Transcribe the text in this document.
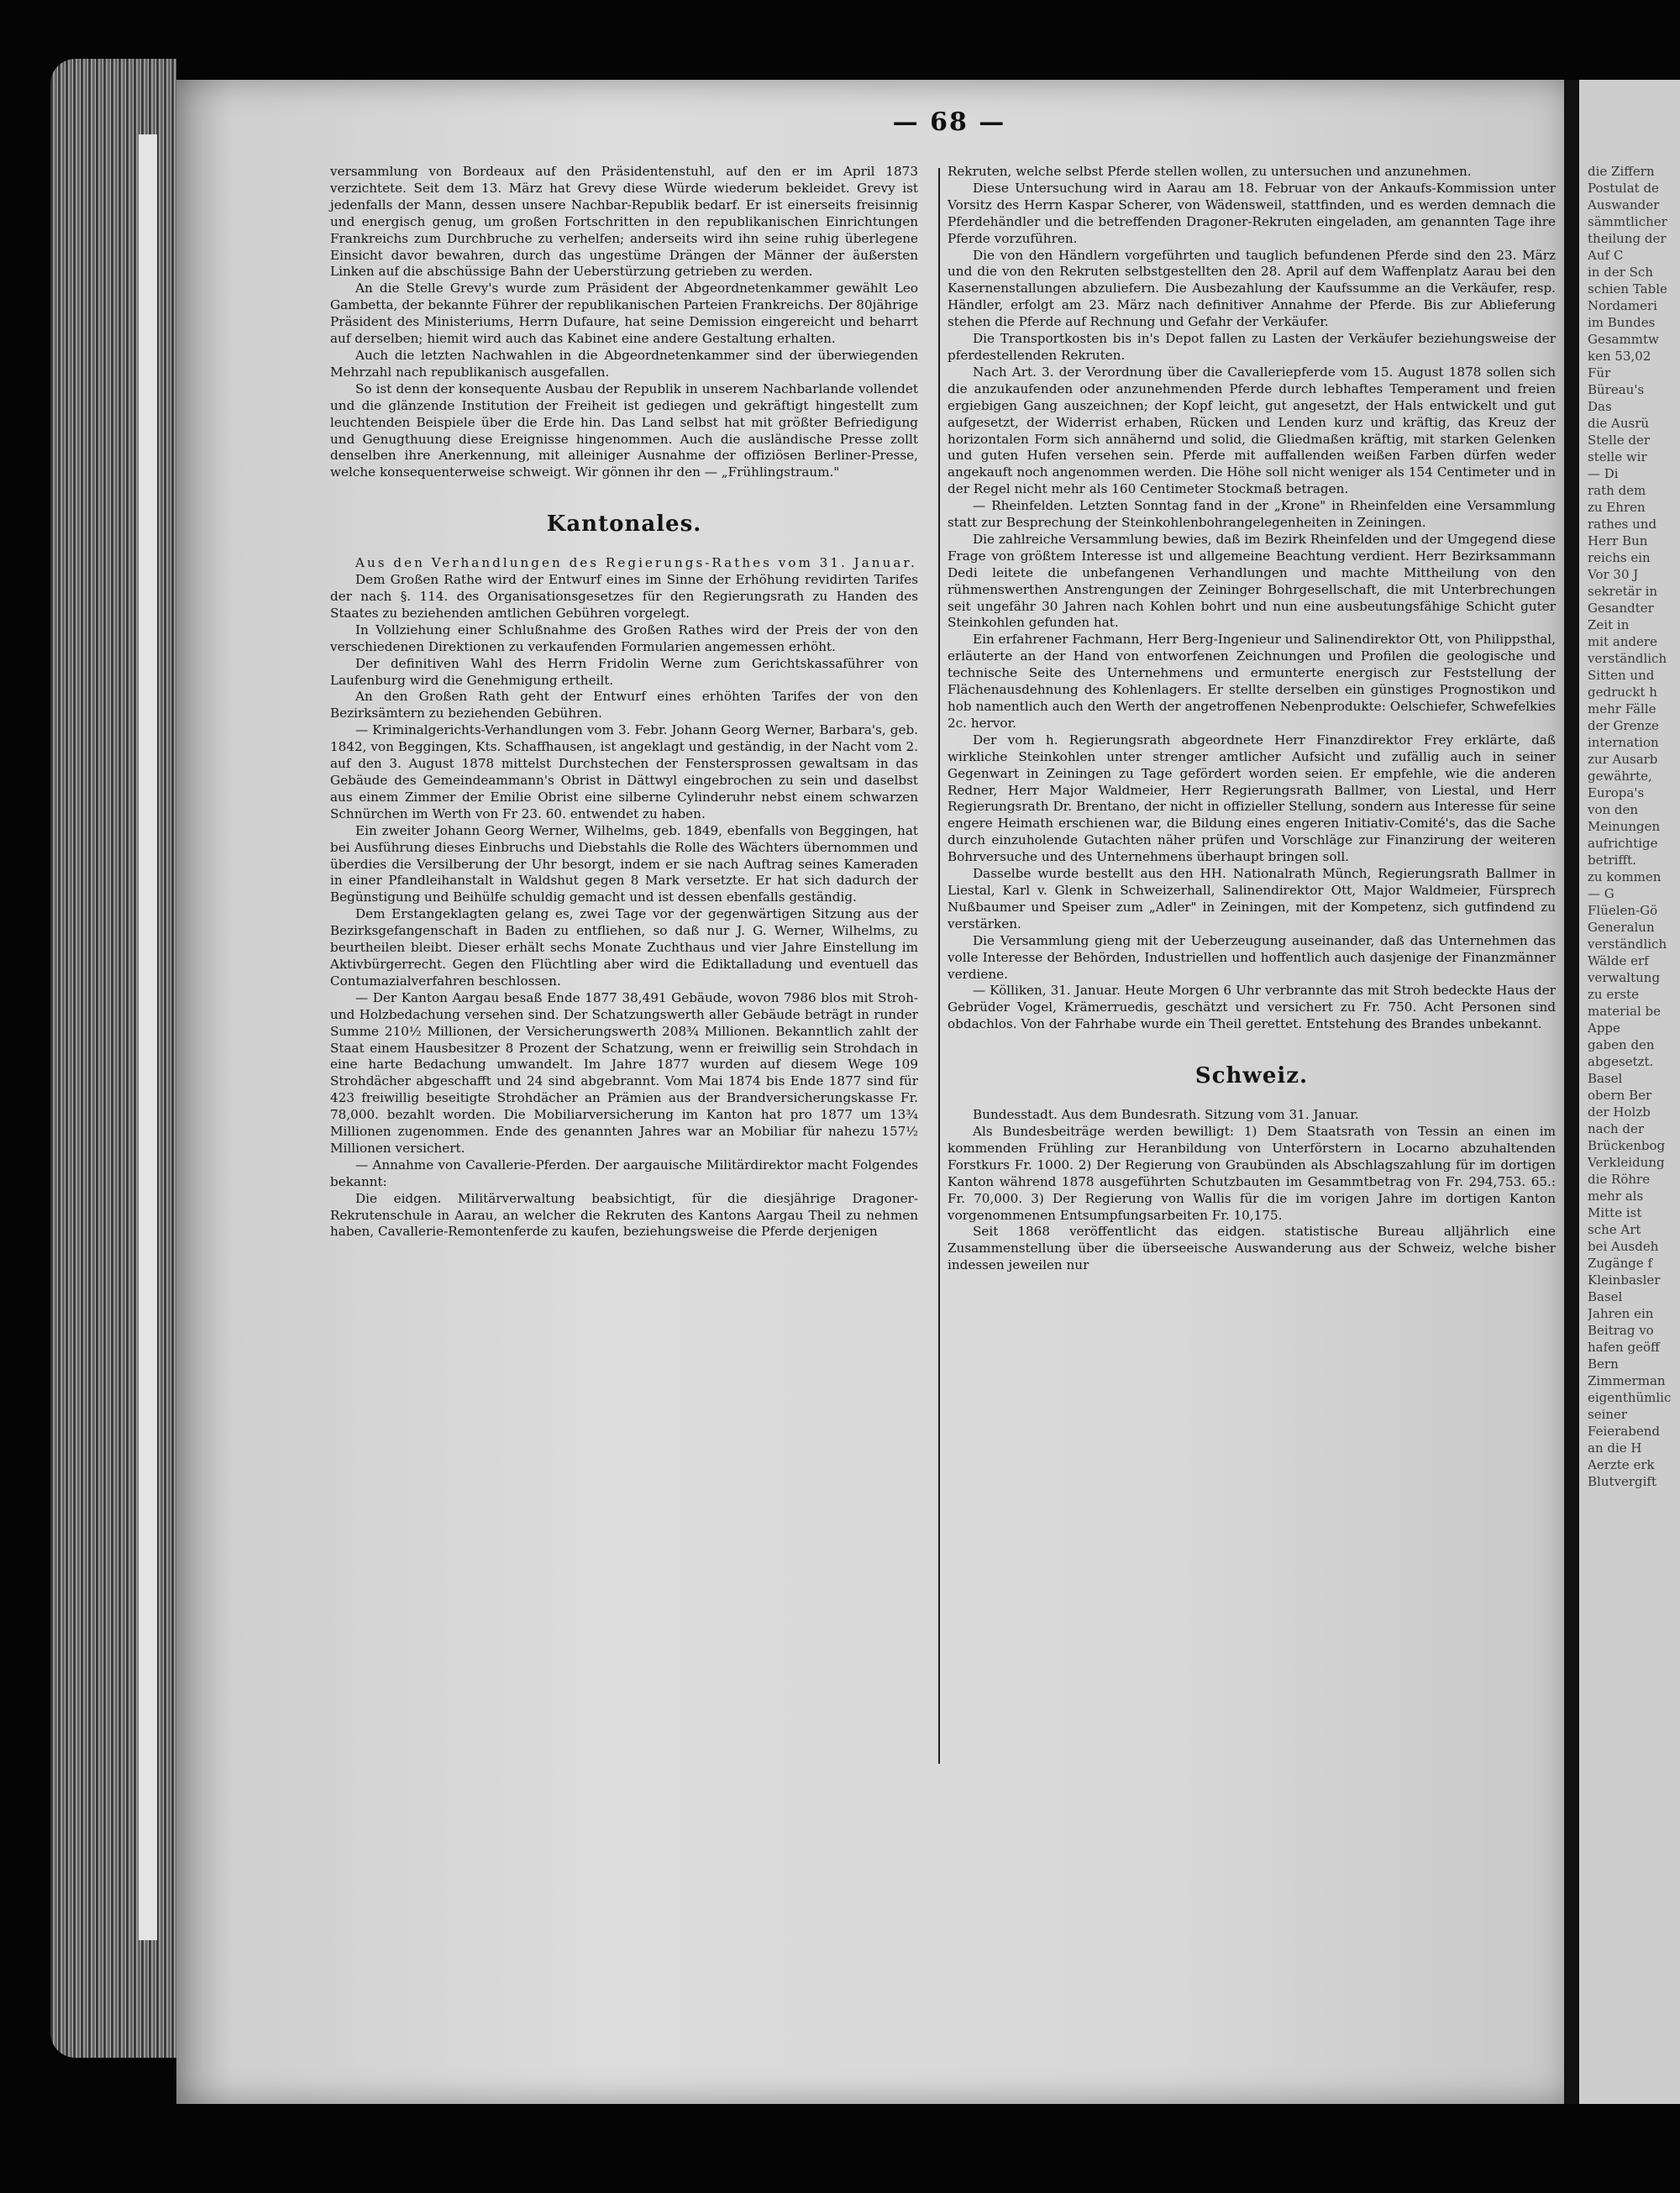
— 68 —

versammlung von Bordeaux auf den Präsidentenstuhl, auf den er im April 1873 verzichtete. Seit dem 13. März hat Grevy diese Würde wiederum bekleidet. Grevy ist jedenfalls der Mann, dessen unsere Nachbar-Republik bedarf. Er ist einerseits freisinnig und energisch genug, um großen Fortschritten in den republikanischen Einrichtungen Frankreichs zum Durchbruche zu verhelfen; anderseits wird ihn seine ruhig überlegene Einsicht davor bewahren, durch das ungestüme Drängen der Männer der äußersten Linken auf die abschüssige Bahn der Ueberstürzung getrieben zu werden.

An die Stelle Grevy's wurde zum Präsident der Abgeordnetenkammer gewählt Leo Gambetta, der bekannte Führer der republikanischen Parteien Frankreichs. Der 80jährige Präsident des Ministeriums, Herrn Dufaure, hat seine Demission eingereicht und beharrt auf derselben; hiemit wird auch das Kabinet eine andere Gestaltung erhalten.

Auch die letzten Nachwahlen in die Abgeordnetenkammer sind der überwiegenden Mehrzahl nach republikanisch ausgefallen.

So ist denn der konsequente Ausbau der Republik in unserem Nachbarlande vollendet und die glänzende Institution der Freiheit ist gediegen und gekräftigt hingestellt zum leuchtenden Beispiele über die Erde hin. Das Land selbst hat mit größter Befriedigung und Genugthuung diese Ereignisse hingenommen. Auch die ausländische Presse zollt denselben ihre Anerkennung, mit alleiniger Ausnahme der offiziösen Berliner-Presse, welche konsequenterweise schweigt. Wir gönnen ihr den — „Frühlingstraum."

Kantonales.

Aus den Verhandlungen des Regierungs-Rathes vom 31. Januar.

Dem Großen Rathe wird der Entwurf eines im Sinne der Erhöhung revidirten Tarifes der nach §. 114. des Organisationsgesetzes für den Regierungsrath zu Handen des Staates zu beziehenden amtlichen Gebühren vorgelegt.

In Vollziehung einer Schlußnahme des Großen Rathes wird der Preis der von den verschiedenen Direktionen zu verkaufenden Formularien angemessen erhöht.

Der definitiven Wahl des Herrn Fridolin Werne zum Gerichtskassaführer von Laufenburg wird die Genehmigung ertheilt.

An den Großen Rath geht der Entwurf eines erhöhten Tarifes der von den Bezirksämtern zu beziehenden Gebühren.

— Kriminalgerichts-Verhandlungen vom 3. Febr. Johann Georg Werner, Barbara's, geb. 1842, von Beggingen, Kts. Schaffhausen, ist angeklagt und geständig, in der Nacht vom 2. auf den 3. August 1878 mittelst Durchstechen der Fenstersprossen gewaltsam in das Gebäude des Gemeindeammann's Obrist in Dättwyl eingebrochen zu sein und daselbst aus einem Zimmer der Emilie Obrist eine silberne Cylinderuhr nebst einem schwarzen Schnürchen im Werth von Fr 23. 60. entwendet zu haben.

Ein zweiter Johann Georg Werner, Wilhelms, geb. 1849, ebenfalls von Beggingen, hat bei Ausführung dieses Einbruchs und Diebstahls die Rolle des Wächters übernommen und überdies die Versilberung der Uhr besorgt, indem er sie nach Auftrag seines Kameraden in einer Pfandleihanstalt in Waldshut gegen 8 Mark versetzte. Er hat sich dadurch der Begünstigung und Beihülfe schuldig gemacht und ist dessen ebenfalls geständig.

Dem Erstangeklagten gelang es, zwei Tage vor der gegenwärtigen Sitzung aus der Bezirksgefangenschaft in Baden zu entfliehen, so daß nur J. G. Werner, Wilhelms, zu beurtheilen bleibt. Dieser erhält sechs Monate Zuchthaus und vier Jahre Einstellung im Aktivbürgerrecht. Gegen den Flüchtling aber wird die Ediktalladung und eventuell das Contumazialverfahren beschlossen.

— Der Kanton Aargau besaß Ende 1877 38,491 Gebäude, wovon 7986 blos mit Stroh- und Holzbedachung versehen sind. Der Schatzungswerth aller Gebäude beträgt in runder Summe 210½ Millionen, der Versicherungswerth 208¾ Millionen. Bekanntlich zahlt der Staat einem Hausbesitzer 8 Prozent der Schatzung, wenn er freiwillig sein Strohdach in eine harte Bedachung umwandelt. Im Jahre 1877 wurden auf diesem Wege 109 Strohdächer abgeschafft und 24 sind abgebrannt. Vom Mai 1874 bis Ende 1877 sind für 423 freiwillig beseitigte Strohdächer an Prämien aus der Brandversicherungskasse Fr. 78,000. bezahlt worden. Die Mobiliarversicherung im Kanton hat pro 1877 um 13¾ Millionen zugenommen. Ende des genannten Jahres war an Mobiliar für nahezu 157½ Millionen versichert.

— Annahme von Cavallerie-Pferden. Der aargauische Militärdirektor macht Folgendes bekannt:

Die eidgen. Militärverwaltung beabsichtigt, für die diesjährige Dragoner-Rekrutenschule in Aarau, an welcher die Rekruten des Kantons Aargau Theil zu nehmen haben, Cavallerie-Remontenferde zu kaufen, beziehungsweise die Pferde derjenigen

Rekruten, welche selbst Pferde stellen wollen, zu untersuchen und anzunehmen.

Diese Untersuchung wird in Aarau am 18. Februar von der Ankaufs-Kommission unter Vorsitz des Herrn Kaspar Scherer, von Wädensweil, stattfinden, und es werden demnach die Pferdehändler und die betreffenden Dragoner-Rekruten eingeladen, am genannten Tage ihre Pferde vorzuführen.

Die von den Händlern vorgeführten und tauglich befundenen Pferde sind den 23. März und die von den Rekruten selbstgestellten den 28. April auf dem Waffenplatz Aarau bei den Kasernenstallungen abzuliefern. Die Ausbezahlung der Kaufssumme an die Verkäufer, resp. Händler, erfolgt am 23. März nach definitiver Annahme der Pferde. Bis zur Ablieferung stehen die Pferde auf Rechnung und Gefahr der Verkäufer.

Die Transportkosten bis in's Depot fallen zu Lasten der Verkäufer beziehungsweise der pferdestellenden Rekruten.

Nach Art. 3. der Verordnung über die Cavalleriepferde vom 15. August 1878 sollen sich die anzukaufenden oder anzunehmenden Pferde durch lebhaftes Temperament und freien ergiebigen Gang auszeichnen; der Kopf leicht, gut angesetzt, der Hals entwickelt und gut aufgesetzt, der Widerrist erhaben, Rücken und Lenden kurz und kräftig, das Kreuz der horizontalen Form sich annähernd und solid, die Gliedmaßen kräftig, mit starken Gelenken und guten Hufen versehen sein. Pferde mit auffallenden weißen Farben dürfen weder angekauft noch angenommen werden. Die Höhe soll nicht weniger als 154 Centimeter und in der Regel nicht mehr als 160 Centimeter Stockmaß betragen.

— Rheinfelden. Letzten Sonntag fand in der „Krone" in Rheinfelden eine Versammlung statt zur Besprechung der Steinkohlenbohrangelegenheiten in Zeiningen.

Die zahlreiche Versammlung bewies, daß im Bezirk Rheinfelden und der Umgegend diese Frage von größtem Interesse ist und allgemeine Beachtung verdient. Herr Bezirksammann Dedi leitete die unbefangenen Verhandlungen und machte Mittheilung von den rühmenswerthen Anstrengungen der Zeininger Bohrgesellschaft, die mit Unterbrechungen seit ungefähr 30 Jahren nach Kohlen bohrt und nun eine ausbeutungsfähige Schicht guter Steinkohlen gefunden hat.

Ein erfahrener Fachmann, Herr Berg-Ingenieur und Salinendirektor Ott, von Philippsthal, erläuterte an der Hand von entworfenen Zeichnungen und Profilen die geologische und technische Seite des Unternehmens und ermunterte energisch zur Feststellung der Flächenausdehnung des Kohlenlagers. Er stellte derselben ein günstiges Prognostikon und hob namentlich auch den Werth der angetroffenen Nebenprodukte: Oelschiefer, Schwefelkies 2c. hervor.

Der vom h. Regierungsrath abgeordnete Herr Finanzdirektor Frey erklärte, daß wirkliche Steinkohlen unter strenger amtlicher Aufsicht und zufällig auch in seiner Gegenwart in Zeiningen zu Tage gefördert worden seien. Er empfehle, wie die anderen Redner, Herr Major Waldmeier, Herr Regierungsrath Ballmer, von Liestal, und Herr Regierungsrath Dr. Brentano, der nicht in offizieller Stellung, sondern aus Interesse für seine engere Heimath erschienen war, die Bildung eines engeren Initiativ-Comité's, das die Sache durch einzuholende Gutachten näher prüfen und Vorschläge zur Finanzirung der weiteren Bohrversuche und des Unternehmens überhaupt bringen soll.

Dasselbe wurde bestellt aus den HH. Nationalrath Münch, Regierungsrath Ballmer in Liestal, Karl v. Glenk in Schweizerhall, Salinendirektor Ott, Major Waldmeier, Fürsprech Nußbaumer und Speiser zum „Adler" in Zeiningen, mit der Kompetenz, sich gutfindend zu verstärken.

Die Versammlung gieng mit der Ueberzeugung auseinander, daß das Unternehmen das volle Interesse der Behörden, Industriellen und hoffentlich auch dasjenige der Finanzmänner verdiene.

— Kölliken, 31. Januar. Heute Morgen 6 Uhr verbrannte das mit Stroh bedeckte Haus der Gebrüder Vogel, Krämerruedis, geschätzt und versichert zu Fr. 750. Acht Personen sind obdachlos. Von der Fahrhabe wurde ein Theil gerettet. Entstehung des Brandes unbekannt.

Schweiz.

Bundesstadt. Aus dem Bundesrath. Sitzung vom 31. Januar.

Als Bundesbeiträge werden bewilligt: 1) Dem Staatsrath von Tessin an einen im kommenden Frühling zur Heranbildung von Unterförstern in Locarno abzuhaltenden Forstkurs Fr. 1000. 2) Der Regierung von Graubünden als Abschlagszahlung für im dortigen Kanton während 1878 ausgeführten Schutzbauten im Gesammtbetrag von Fr. 294,753. 65.: Fr. 70,000. 3) Der Regierung von Wallis für die im vorigen Jahre im dortigen Kanton vorgenommenen Entsumpfungsarbeiten Fr. 10,175.

Seit 1868 veröffentlicht das eidgen. statistische Bureau alljährlich eine Zusammenstellung über die überseeische Auswanderung aus der Schweiz, welche bisher indessen jeweilen nur

die Ziffern
Postulat de
Auswander
sämmtlicher
theilung der
Auf C
in der Sch
schien Table
Nordameri
im Bundes
Gesammtw
ken 53,02
Für
Büreau's
Das
die Ausrü
Stelle der
stelle wir
— Di
rath dem
zu Ehren
rathes und
Herr Bun
reichs ein
Vor 30 J
sekretär in
Gesandter
Zeit in
mit andere
verständlich
Sitten und
gedruckt h
mehr Fälle
der Grenze
internation
zur Ausarb
gewährte,
Europa's
von den
Meinungen
aufrichtige
betrifft.
zu kommen
— G
Flüelen-Gö
Generalun
verständlich
Wälde erf
verwaltung
zu erste
material be
Appe
gaben den
abgesetzt.
Basel
obern Ber
der Holzb
nach der
Brückenbog
Verkleidung
die Röhre
mehr als
Mitte ist
sche Art
bei Ausdeh
Zugänge f
Kleinbasler
Basel
Jahren ein
Beitrag vo
hafen geöff
Bern
Zimmerman
eigenthümlic
seiner
Feierabend
an die H
Aerzte erk
Blutvergift
